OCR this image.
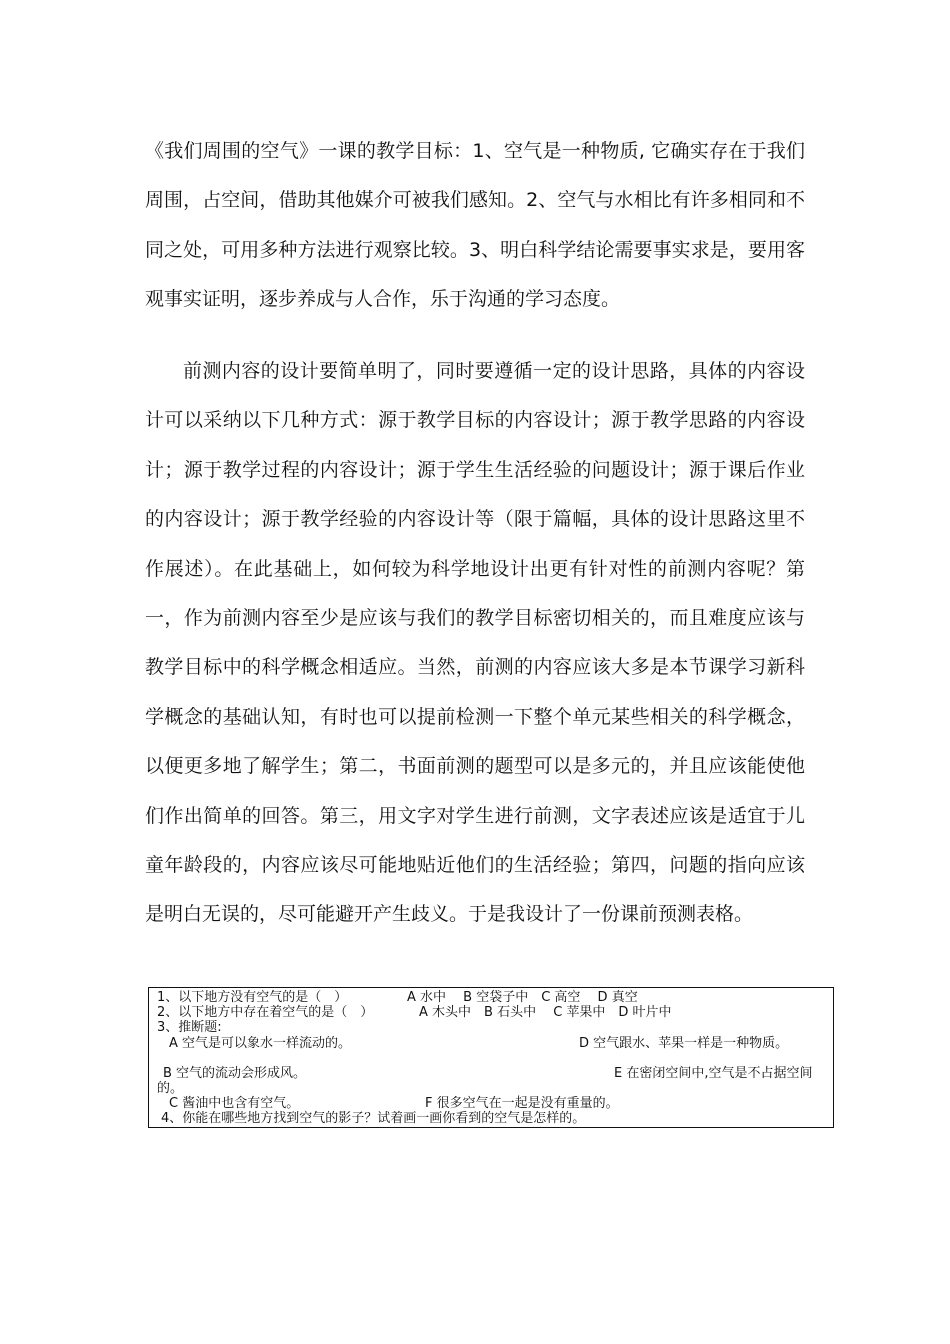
《我们周围的空气》一课的教学目标：1、空气是一种物质, 它确实存在于我们周围，占空间，借助其他媒介可被我们感知。2、空气与水相比有许多相同和不同之处，可用多种方法进行观察比较。3、明白科学结论需要事实求是，要用客观事实证明，逐步养成与人合作，乐于沟通的学习态度。

前测内容的设计要简单明了，同时要遵循一定的设计思路，具体的内容设计可以采纳以下几种方式：源于教学目标的内容设计；源于教学思路的内容设计；源于教学过程的内容设计；源于学生生活经验的问题设计；源于课后作业的内容设计；源于教学经验的内容设计等（限于篇幅，具体的设计思路这里不作展述）。在此基础上，如何较为科学地设计出更有针对性的前测内容呢？第一，作为前测内容至少是应该与我们的教学目标密切相关的，而且难度应该与教学目标中的科学概念相适应。当然，前测的内容应该大多是本节课学习新科学概念的基础认知，有时也可以提前检测一下整个单元某些相关的科学概念，以便更多地了解学生；第二，书面前测的题型可以是多元的，并且应该能使他们作出简单的回答。第三，用文字对学生进行前测，文字表述应该是适宜于儿童年龄段的，内容应该尽可能地贴近他们的生活经验；第四，问题的指向应该是明白无误的，尽可能避开产生歧义。于是我设计了一份课前预测表格。

1、以下地方没有空气的是（　）	A 水中　 B 空袋子中　C 高空　 D 真空
2、以下地方中存在着空气的是（　）	A 木头中　B 石头中　 C 苹果中　D 叶片中
3、推断题:
A 空气是可以象水一样流动的。	D 空气跟水、苹果一样是一种物质。
B 空气的流动会形成风。	E 在密闭空间中,空气是不占据空间
的。
C 酱油中也含有空气。	F 很多空气在一起是没有重量的。
4、你能在哪些地方找到空气的影子？试着画一画你看到的空气是怎样的。
